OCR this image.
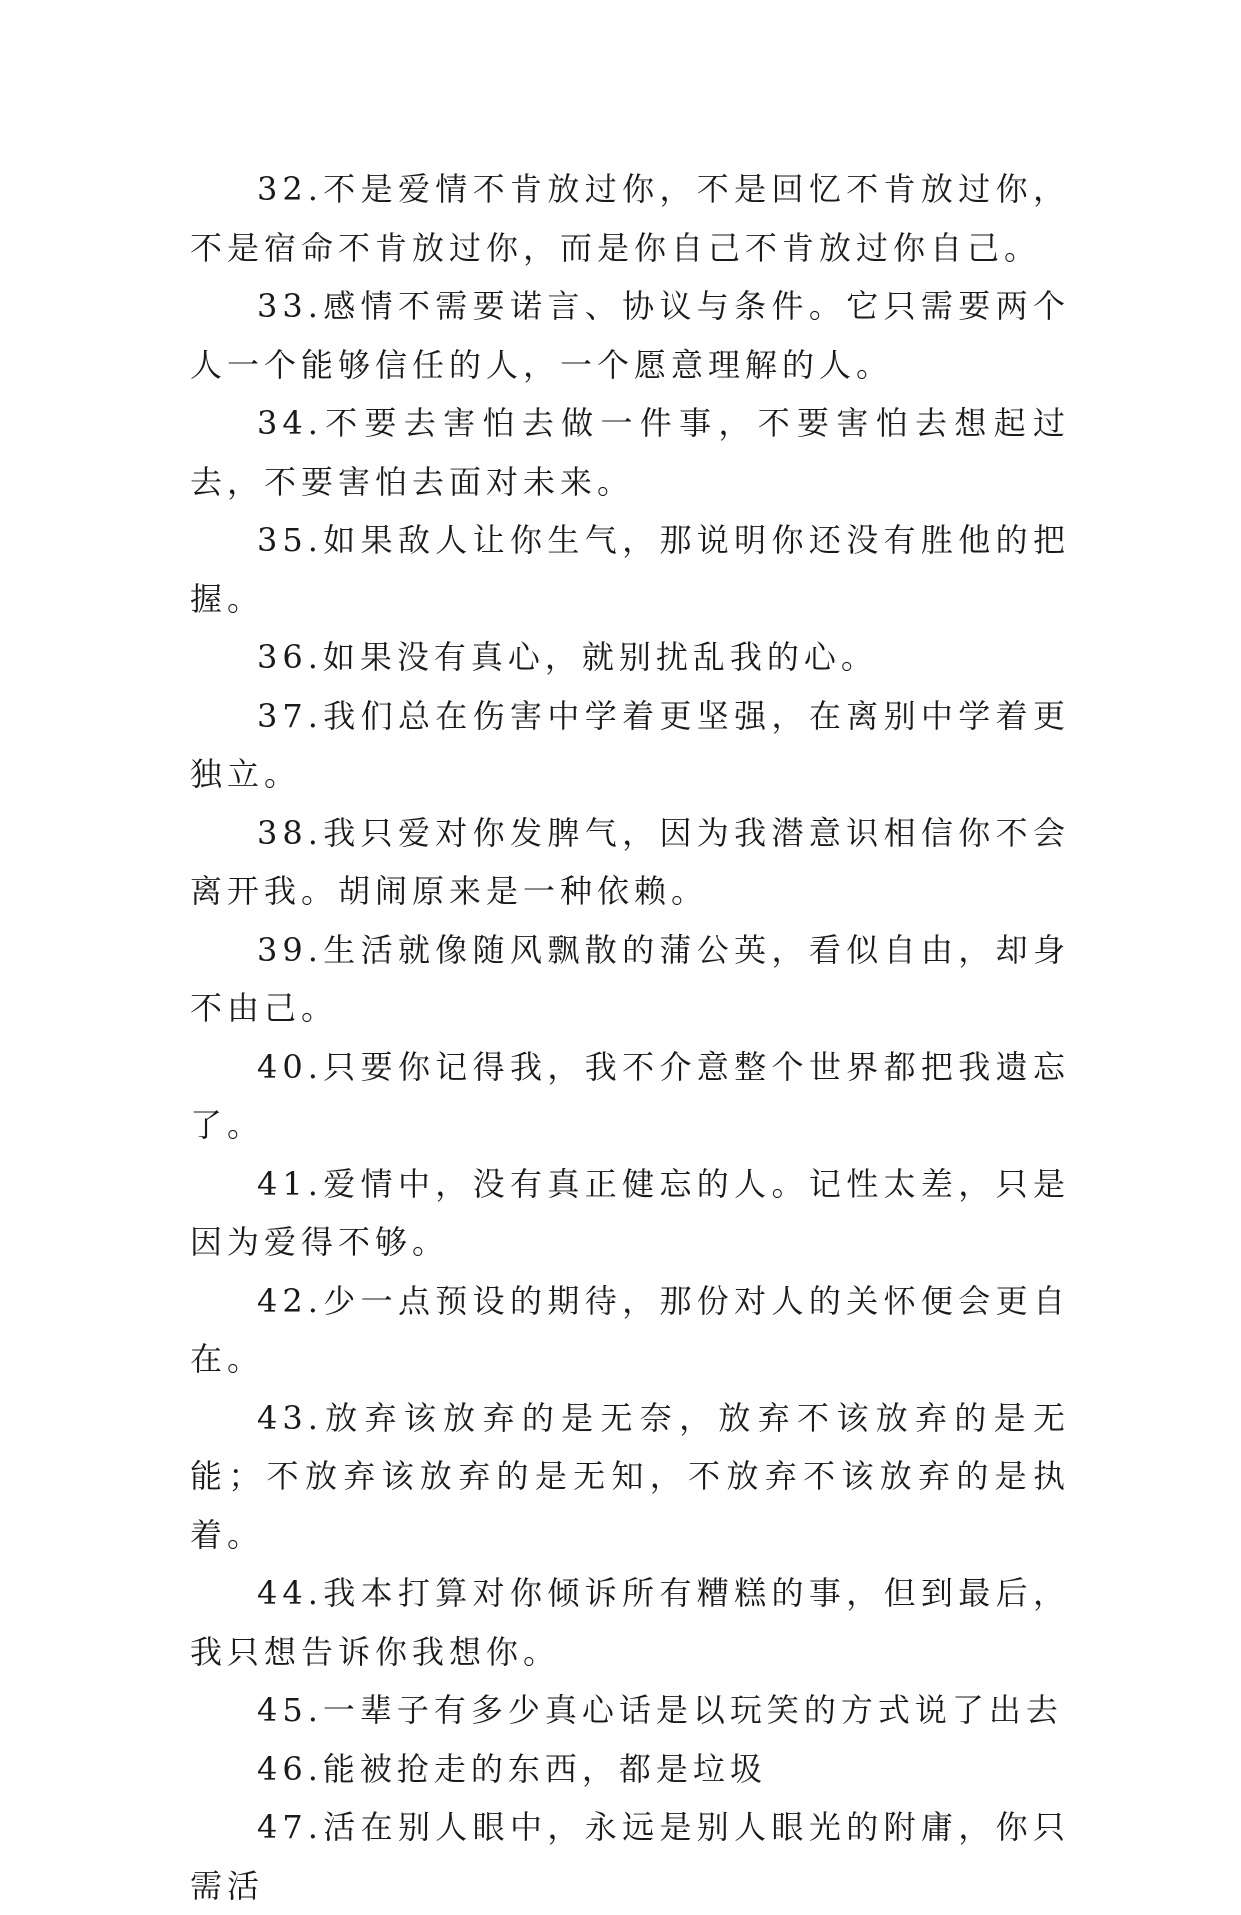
32.不是爱情不肯放过你，不是回忆不肯放过你，不是宿命不肯放过你，而是你自己不肯放过你自己。

33.感情不需要诺言、协议与条件。它只需要两个人一个能够信任的人，一个愿意理解的人。

34.不要去害怕去做一件事，不要害怕去想起过去，不要害怕去面对未来。

35.如果敌人让你生气，那说明你还没有胜他的把握。

36.如果没有真心，就别扰乱我的心。

37.我们总在伤害中学着更坚强，在离别中学着更独立。

38.我只爱对你发脾气，因为我潜意识相信你不会离开我。胡闹原来是一种依赖。

39.生活就像随风飘散的蒲公英，看似自由，却身不由己。

40.只要你记得我，我不介意整个世界都把我遗忘了。

41.爱情中，没有真正健忘的人。记性太差，只是因为爱得不够。

42.少一点预设的期待，那份对人的关怀便会更自在。

43.放弃该放弃的是无奈，放弃不该放弃的是无能；不放弃该放弃的是无知，不放弃不该放弃的是执着。

44.我本打算对你倾诉所有糟糕的事，但到最后，我只想告诉你我想你。

45.一辈子有多少真心话是以玩笑的方式说了出去

46.能被抢走的东西，都是垃圾

47.活在别人眼中，永远是别人眼光的附庸，你只需活
